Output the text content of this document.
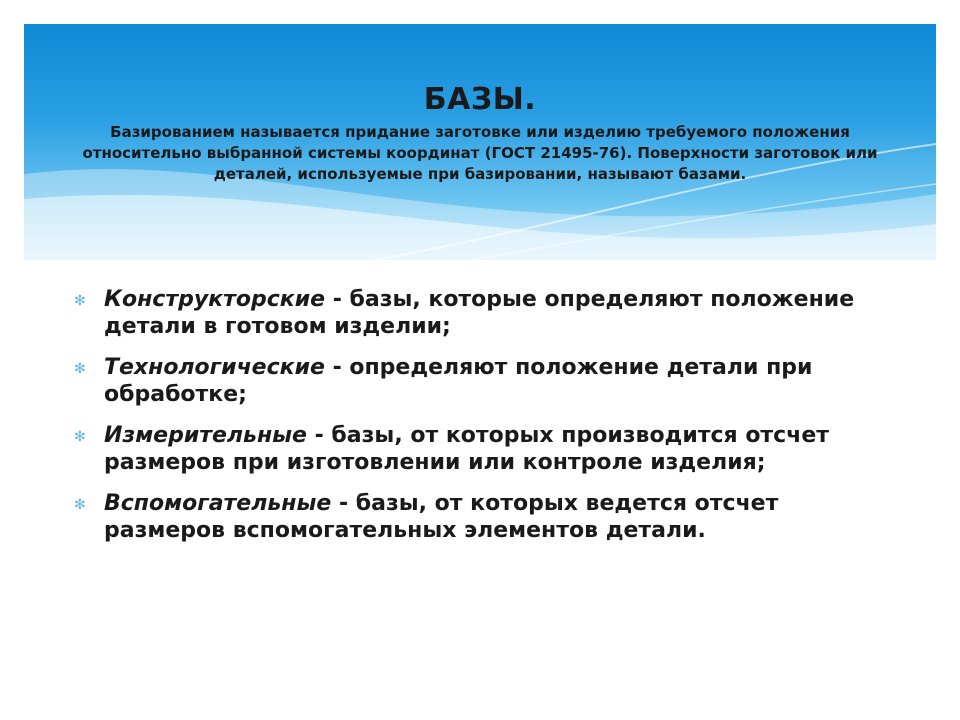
БАЗЫ.

Базированием называется придание заготовке или изделию требуемого положения относительно выбранной системы координат (ГОСТ 21495-76). Поверхности заготовок или деталей, используемые при базировании, называют базами.

✻ Конструкторские - базы, которые определяют положение детали в готовом изделии;
✻ Технологические - определяют положение детали при обработке;
✻ Измерительные - базы, от которых производится отсчет размеров при изготовлении или контроле изделия;
✻ Вспомогательные - базы, от которых ведется отсчет размеров вспомогательных элементов детали.
